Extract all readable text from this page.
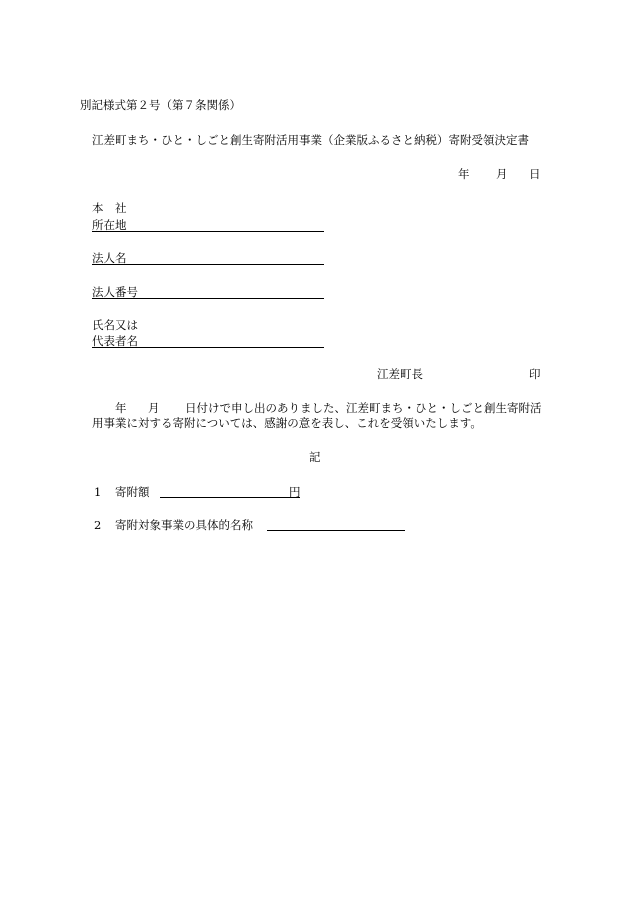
別記様式第２号（第７条関係）
江差町まち・ひと・しごと創生寄附活用事業（企業版ふるさと納税）寄附受領決定書
年 月 日
本　社
所在地
法人名
法人番号
氏名又は
代表者名
江差町長	印
年 月 日付けで申し出のありました、江差町まち・ひと・しごと創生寄附活
用事業に対する寄附については、感謝の意を表し、これを受領いたします。
記
1 寄附額	円
2 寄附対象事業の具体的名称
